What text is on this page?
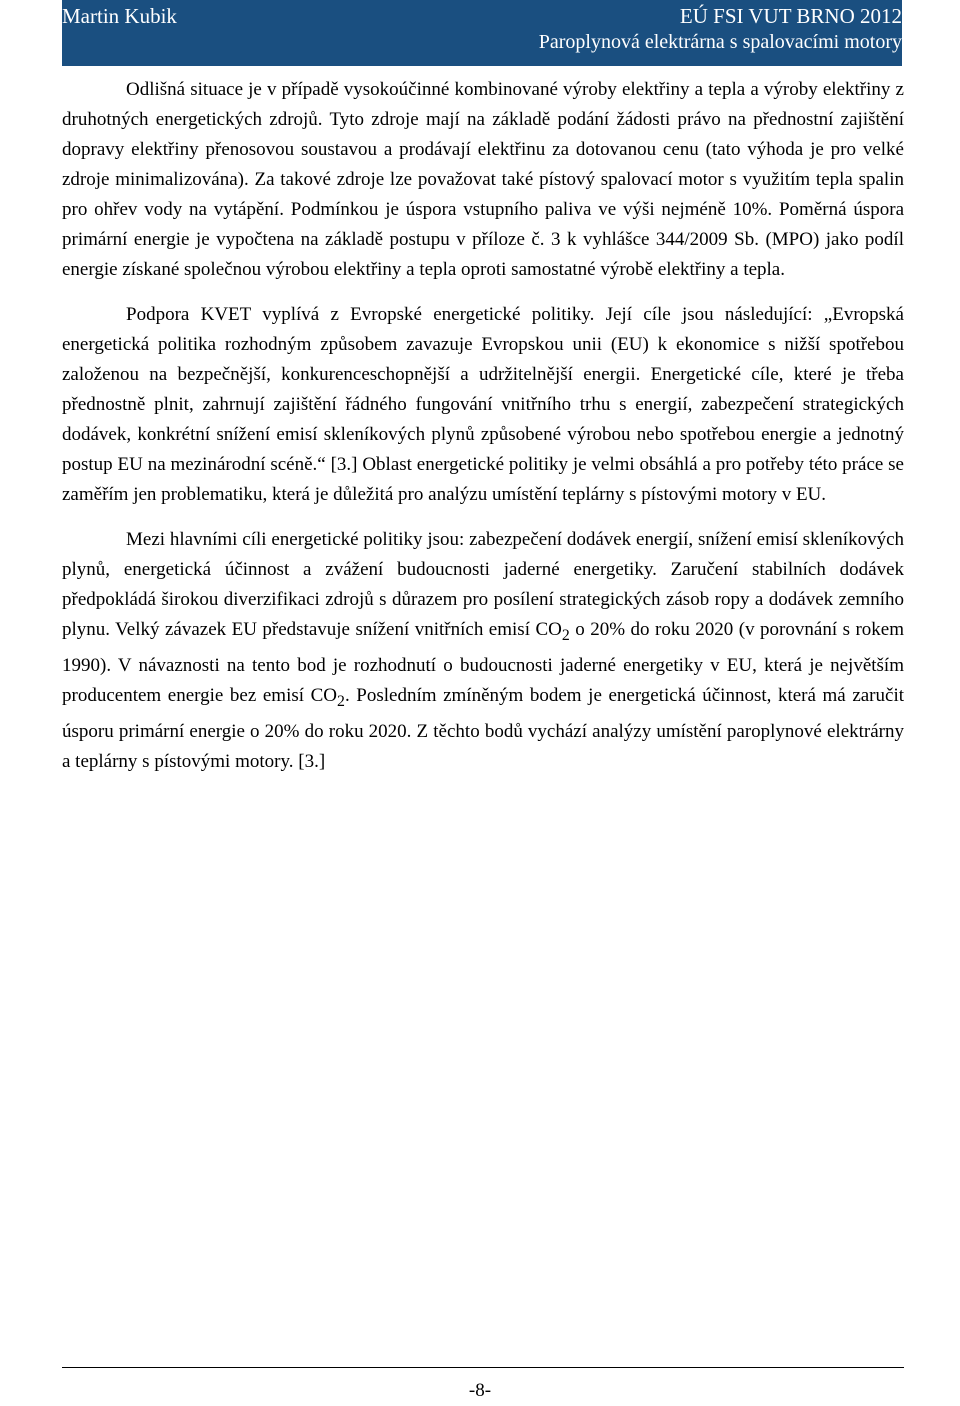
Martin Kubik	EÚ FSI VUT BRNO 2012
Paroplynová elektrárna s spalovacími motory

Odlišná situace je v případě vysokoúčinné kombinované výroby elektřiny a tepla a výroby elektřiny z druhotných energetických zdrojů. Tyto zdroje mají na základě podání žádosti právo na přednostní zajištění dopravy elektřiny přenosovou soustavou a prodávají elektřinu za dotovanou cenu (tato výhoda je pro velké zdroje minimalizována). Za takové zdroje lze považovat také pístový spalovací motor s využitím tepla spalin pro ohřev vody na vytápění. Podmínkou je úspora vstupního paliva ve výši nejméně 10%. Poměrná úspora primární energie je vypočtena na základě postupu v příloze č. 3 k vyhlášce 344/2009 Sb. (MPO) jako podíl energie získané společnou výrobou elektřiny a tepla oproti samostatné výrobě elektřiny a tepla.

Podpora KVET vyplívá z Evropské energetické politiky. Její cíle jsou následující: „Evropská energetická politika rozhodným způsobem zavazuje Evropskou unii (EU) k ekonomice s nižší spotřebou založenou na bezpečnější, konkurenceschopnější a udržitelnější energii. Energetické cíle, které je třeba přednostně plnit, zahrnují zajištění řádného fungování vnitřního trhu s energií, zabezpečení strategických dodávek, konkrétní snížení emisí skleníkových plynů způsobené výrobou nebo spotřebou energie a jednotný postup EU na mezinárodní scéně.“ [3.] Oblast energetické politiky je velmi obsáhlá a pro potřeby této práce se zaměřím jen problematiku, která je důležitá pro analýzu umístění teplárny s pístovými motory v EU.

Mezi hlavními cíli energetické politiky jsou: zabezpečení dodávek energií, snížení emisí skleníkových plynů, energetická účinnost a zvážení budoucnosti jaderné energetiky. Zaručení stabilních dodávek předpokládá širokou diverzifikaci zdrojů s důrazem pro posílení strategických zásob ropy a dodávek zemního plynu. Velký závazek EU představuje snížení vnitřních emisí $CO_2$ o 20% do roku 2020 (v porovnání s rokem 1990). V návaznosti na tento bod je rozhodnutí o budoucnosti jaderné energetiky v EU, která je největším producentem energie bez emisí $CO_2$. Posledním zmíněným bodem je energetická účinnost, která má zaručit úsporu primární energie o 20% do roku 2020. Z těchto bodů vychází analýzy umístění paroplynové elektrárny a teplárny s pístovými motory. [3.]

-8-
